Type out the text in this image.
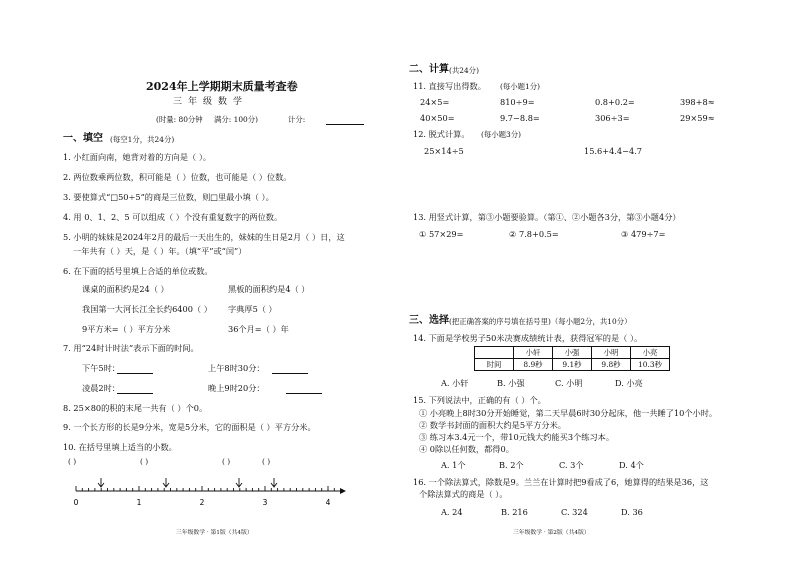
2024年上学期期末质量考查卷
三年级数学
(时量: 80分钟 满分: 100分)	计分:
一、填空 (每空1分，共24分)
1. 小红面向南，她背对着的方向是（ ）。
2. 两位数乘两位数，积可能是（ ）位数，也可能是（ ）位数。
3. 要使算式“□50÷5”的商是三位数，则□里最小填（ ）。
4. 用 0、1、2、5 可以组成（ ）个没有重复数字的两位数。
5. 小明的妹妹是2024年2月的最后一天出生的，妹妹的生日是2月（ ）日，这
一年共有（ ）天，是（ ）年。（填“平”或“闰”）
6. 在下面的括号里填上合适的单位或数。
课桌的面积约是24（ ）	黑板的面积约是4（ ）
我国第一大河长江全长约6400（ ） 字典厚5（ ）
9平方米=（ ）平方分米	36个月=（ ）年
7. 用“24时计时法”表示下面的时间。
下午5时：	上午8时30分：
凌晨2时：	晚上9时20分：
8. 25×80的积的末尾一共有（ ）个0。
9. 一个长方形的长是9分米，宽是5分米，它的面积是（ ）平方分米。
10. 在括号里填上适当的小数。
( )	( )	( )	( )
0	1	2	3	4
三年级数学 · 第1版（共4版）
二、计算 (共24分)
11. 直接写出得数。 (每小题1分)
24×5=	810÷9=	0.8+0.2=	398+8≈
40×50=	9.7−8.8=	306÷3=	29×59≈
12. 脱式计算。 (每小题3分)
25×14÷5	15.6+4.4−4.7
13. 用竖式计算，第③小题要验算。（第①、②小题各3分，第③小题4分）
① 57×29=	② 7.8+0.5=	③ 479÷7=
三、选择 (把正确答案的序号填在括号里)（每小题2分，共10分）
14. 下面是学校男子50米决赛成绩统计表，获得冠军的是（ ）。
	小轩	小强	小明	小亮
时间	8.9秒	9.1秒	9.8秒	10.3秒
A. 小轩	B. 小强	C. 小明	D. 小亮
15. 下列说法中，正确的有（ ）个。
① 小亮晚上8时30分开始睡觉，第二天早晨6时30分起床，他一共睡了10个小时。
② 数学书封面的面积大约是5平方分米。
③ 练习本3.4元一个，带10元钱大约能买3个练习本。
④ 0除以任何数，都得0。
A. 1个	B. 2个	C. 3个	D. 4个
16. 一个除法算式，除数是9。兰兰在计算时把9看成了6，她算得的结果是36，这
个除法算式的商是（ ）。
A. 24	B. 216	C. 324	D. 36
三年级数学 · 第2版（共4版）
